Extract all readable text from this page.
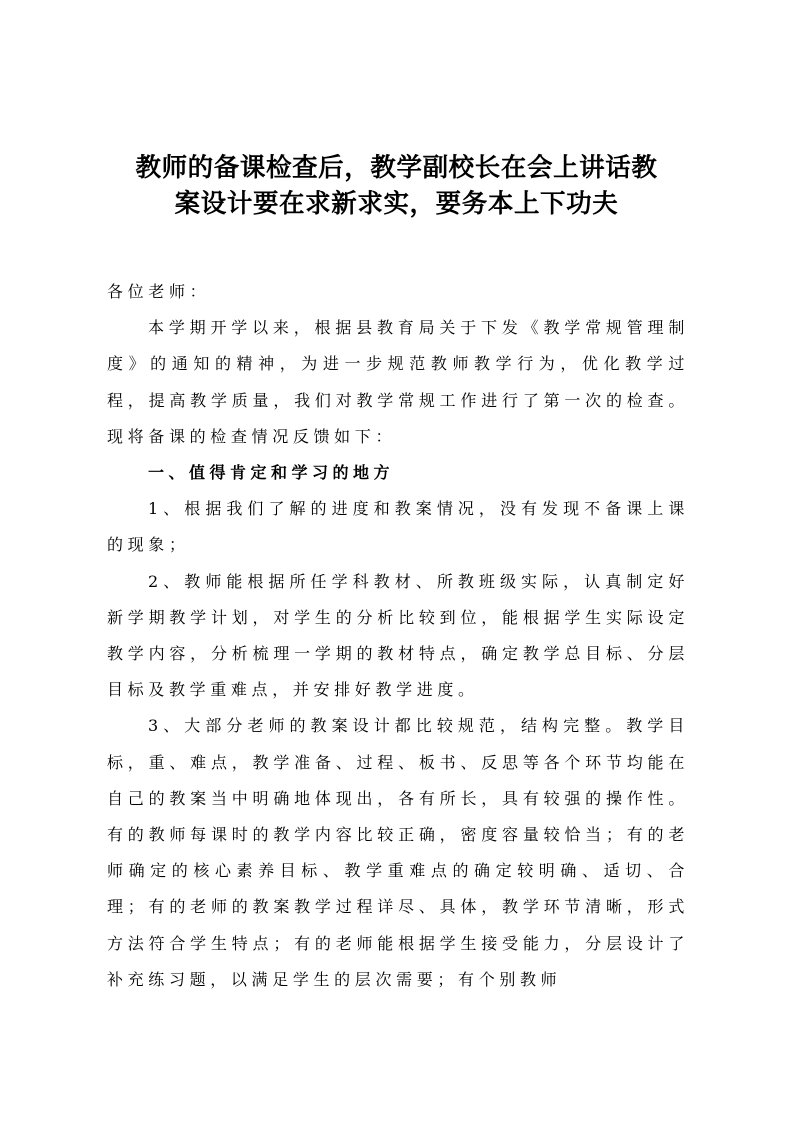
教师的备课检查后，教学副校长在会上讲话教
案设计要在求新求实，要务本上下功夫

各位老师：

本学期开学以来，根据县教育局关于下发《教学常规管理制度》的通知的精神，为进一步规范教师教学行为，优化教学过程，提高教学质量，我们对教学常规工作进行了第一次的检查。现将备课的检查情况反馈如下：

一、值得肯定和学习的地方

1、根据我们了解的进度和教案情况，没有发现不备课上课的现象；

2、教师能根据所任学科教材、所教班级实际，认真制定好新学期教学计划，对学生的分析比较到位，能根据学生实际设定教学内容，分析梳理一学期的教材特点，确定教学总目标、分层目标及教学重难点，并安排好教学进度。

3、大部分老师的教案设计都比较规范，结构完整。教学目标，重、难点，教学准备、过程、板书、反思等各个环节均能在自己的教案当中明确地体现出，各有所长，具有较强的操作性。有的教师每课时的教学内容比较正确，密度容量较恰当；有的老师确定的核心素养目标、教学重难点的确定较明确、适切、合理；有的老师的教案教学过程详尽、具体，教学环节清晰，形式方法符合学生特点；有的老师能根据学生接受能力，分层设计了补充练习题，以满足学生的层次需要；有个别教师
